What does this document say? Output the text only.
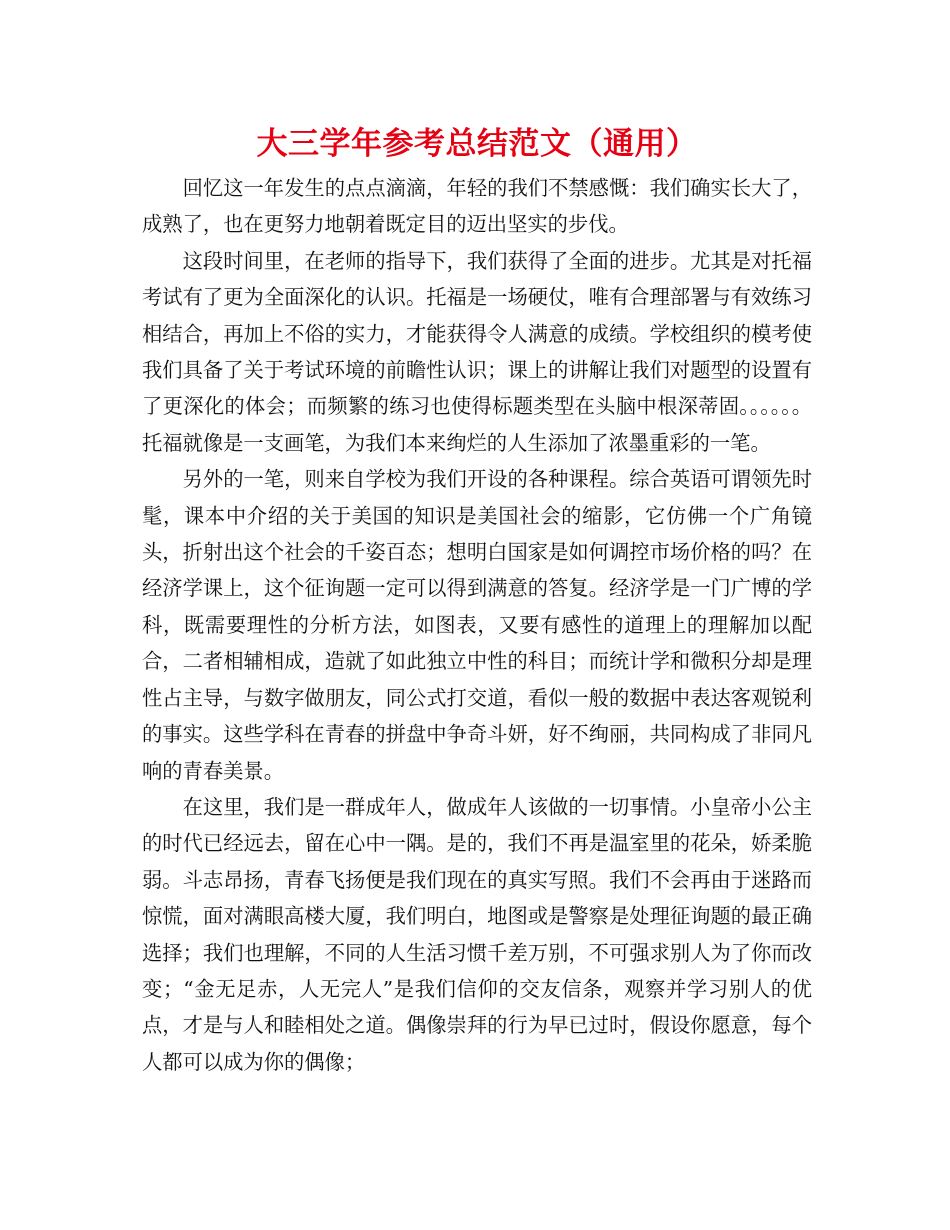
大三学年参考总结范文（通用）

回忆这一年发生的点点滴滴，年轻的我们不禁感慨：我们确实长大了，成熟了，也在更努力地朝着既定目的迈出坚实的步伐。

这段时间里，在老师的指导下，我们获得了全面的进步。尤其是对托福考试有了更为全面深化的认识。托福是一场硬仗，唯有合理部署与有效练习相结合，再加上不俗的实力，才能获得令人满意的成绩。学校组织的模考使我们具备了关于考试环境的前瞻性认识；课上的讲解让我们对题型的设置有了更深化的体会；而频繁的练习也使得标题类型在头脑中根深蒂固。。。。。。托福就像是一支画笔，为我们本来绚烂的人生添加了浓墨重彩的一笔。

另外的一笔，则来自学校为我们开设的各种课程。综合英语可谓领先时髦，课本中介绍的关于美国的知识是美国社会的缩影，它仿佛一个广角镜头，折射出这个社会的千姿百态；想明白国家是如何调控市场价格的吗？在经济学课上，这个征询题一定可以得到满意的答复。经济学是一门广博的学科，既需要理性的分析方法，如图表，又要有感性的道理上的理解加以配合，二者相辅相成，造就了如此独立中性的科目；而统计学和微积分却是理性占主导，与数字做朋友，同公式打交道，看似一般的数据中表达客观锐利的事实。这些学科在青春的拼盘中争奇斗妍，好不绚丽，共同构成了非同凡响的青春美景。

在这里，我们是一群成年人，做成年人该做的一切事情。小皇帝小公主的时代已经远去，留在心中一隅。是的，我们不再是温室里的花朵，娇柔脆弱。斗志昂扬，青春飞扬便是我们现在的真实写照。我们不会再由于迷路而惊慌，面对满眼高楼大厦，我们明白，地图或是警察是处理征询题的最正确选择；我们也理解，不同的人生活习惯千差万别，不可强求别人为了你而改变；“金无足赤，人无完人”是我们信仰的交友信条，观察并学习别人的优点，才是与人和睦相处之道。偶像崇拜的行为早已过时，假设你愿意，每个人都可以成为你的偶像；
